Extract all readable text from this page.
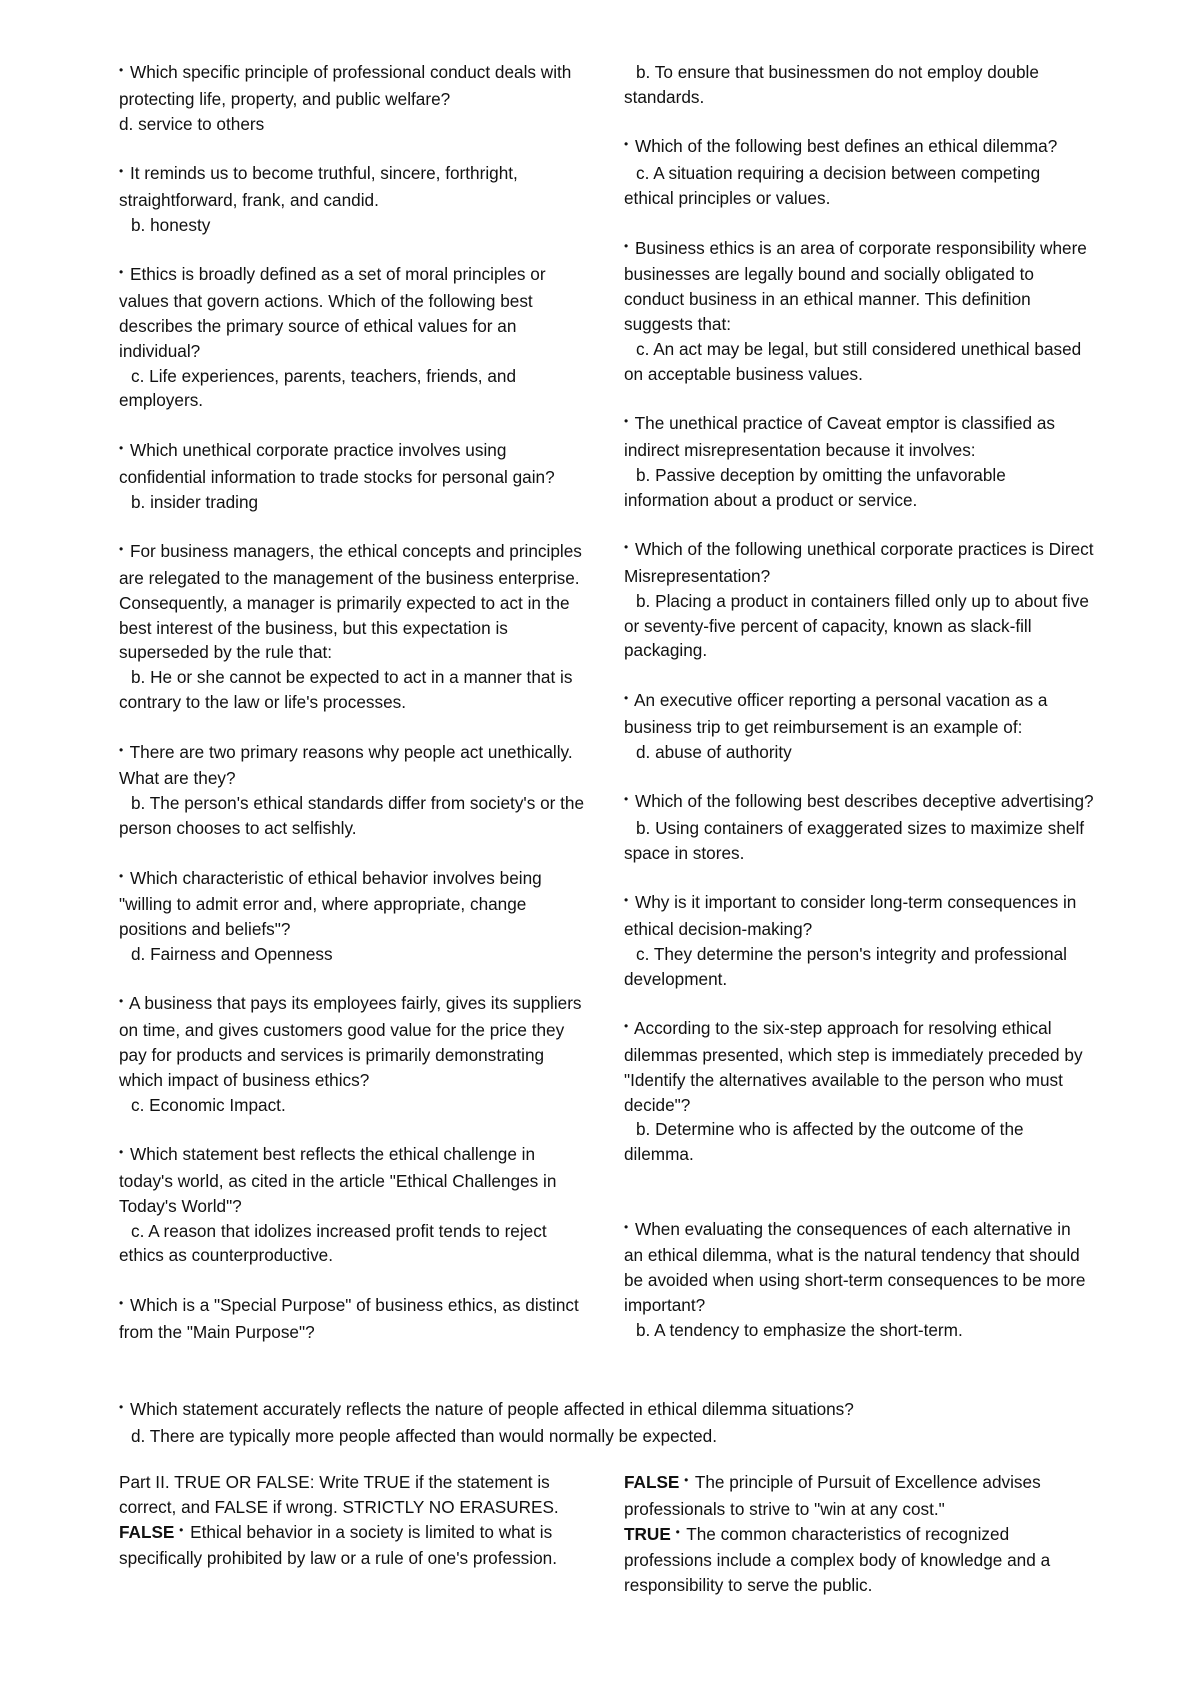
• Which specific principle of professional conduct deals with protecting life, property, and public welfare?

d. service to others

• It reminds us to become truthful, sincere, forthright, straightforward, frank, and candid.

b. honesty

• Ethics is broadly defined as a set of moral principles or values that govern actions. Which of the following best describes the primary source of ethical values for an individual?

c. Life experiences, parents, teachers, friends, and employers.

• Which unethical corporate practice involves using confidential information to trade stocks for personal gain?

b. insider trading

• For business managers, the ethical concepts and principles are relegated to the management of the business enterprise. Consequently, a manager is primarily expected to act in the best interest of the business, but this expectation is superseded by the rule that:

b. He or she cannot be expected to act in a manner that is contrary to the law or life's processes.

• There are two primary reasons why people act unethically. What are they?

b. The person's ethical standards differ from society's or the person chooses to act selfishly.

• Which characteristic of ethical behavior involves being "willing to admit error and, where appropriate, change positions and beliefs"?

d. Fairness and Openness

• A business that pays its employees fairly, gives its suppliers on time, and gives customers good value for the price they pay for products and services is primarily demonstrating which impact of business ethics?

c. Economic Impact.

• Which statement best reflects the ethical challenge in today's world, as cited in the article "Ethical Challenges in Today's World"?

c. A reason that idolizes increased profit tends to reject ethics as counterproductive.

• Which is a "Special Purpose" of business ethics, as distinct from the "Main Purpose"?

b. To ensure that businessmen do not employ double standards.

• Which of the following best defines an ethical dilemma?

c. A situation requiring a decision between competing ethical principles or values.

• Business ethics is an area of corporate responsibility where businesses are legally bound and socially obligated to conduct business in an ethical manner. This definition suggests that:

c. An act may be legal, but still considered unethical based on acceptable business values.

• The unethical practice of Caveat emptor is classified as indirect misrepresentation because it involves:

b. Passive deception by omitting the unfavorable information about a product or service.

• Which of the following unethical corporate practices is Direct Misrepresentation?

b. Placing a product in containers filled only up to about five or seventy-five percent of capacity, known as slack-fill packaging.

• An executive officer reporting a personal vacation as a business trip to get reimbursement is an example of:

d. abuse of authority

• Which of the following best describes deceptive advertising?

b. Using containers of exaggerated sizes to maximize shelf space in stores.

• Why is it important to consider long-term consequences in ethical decision-making?

c. They determine the person's integrity and professional development.

• According to the six-step approach for resolving ethical dilemmas presented, which step is immediately preceded by "Identify the alternatives available to the person who must decide"?

b. Determine who is affected by the outcome of the dilemma.

• When evaluating the consequences of each alternative in an ethical dilemma, what is the natural tendency that should be avoided when using short-term consequences to be more important?

b. A tendency to emphasize the short-term.

• Which statement accurately reflects the nature of people affected in ethical dilemma situations?

d. There are typically more people affected than would normally be expected.

Part II. TRUE OR FALSE: Write TRUE if the statement is correct, and FALSE if wrong. STRICTLY NO ERASURES.

FALSE • Ethical behavior in a society is limited to what is specifically prohibited by law or a rule of one's profession.

FALSE • The principle of Pursuit of Excellence advises professionals to strive to "win at any cost."

TRUE • The common characteristics of recognized professions include a complex body of knowledge and a responsibility to serve the public.
